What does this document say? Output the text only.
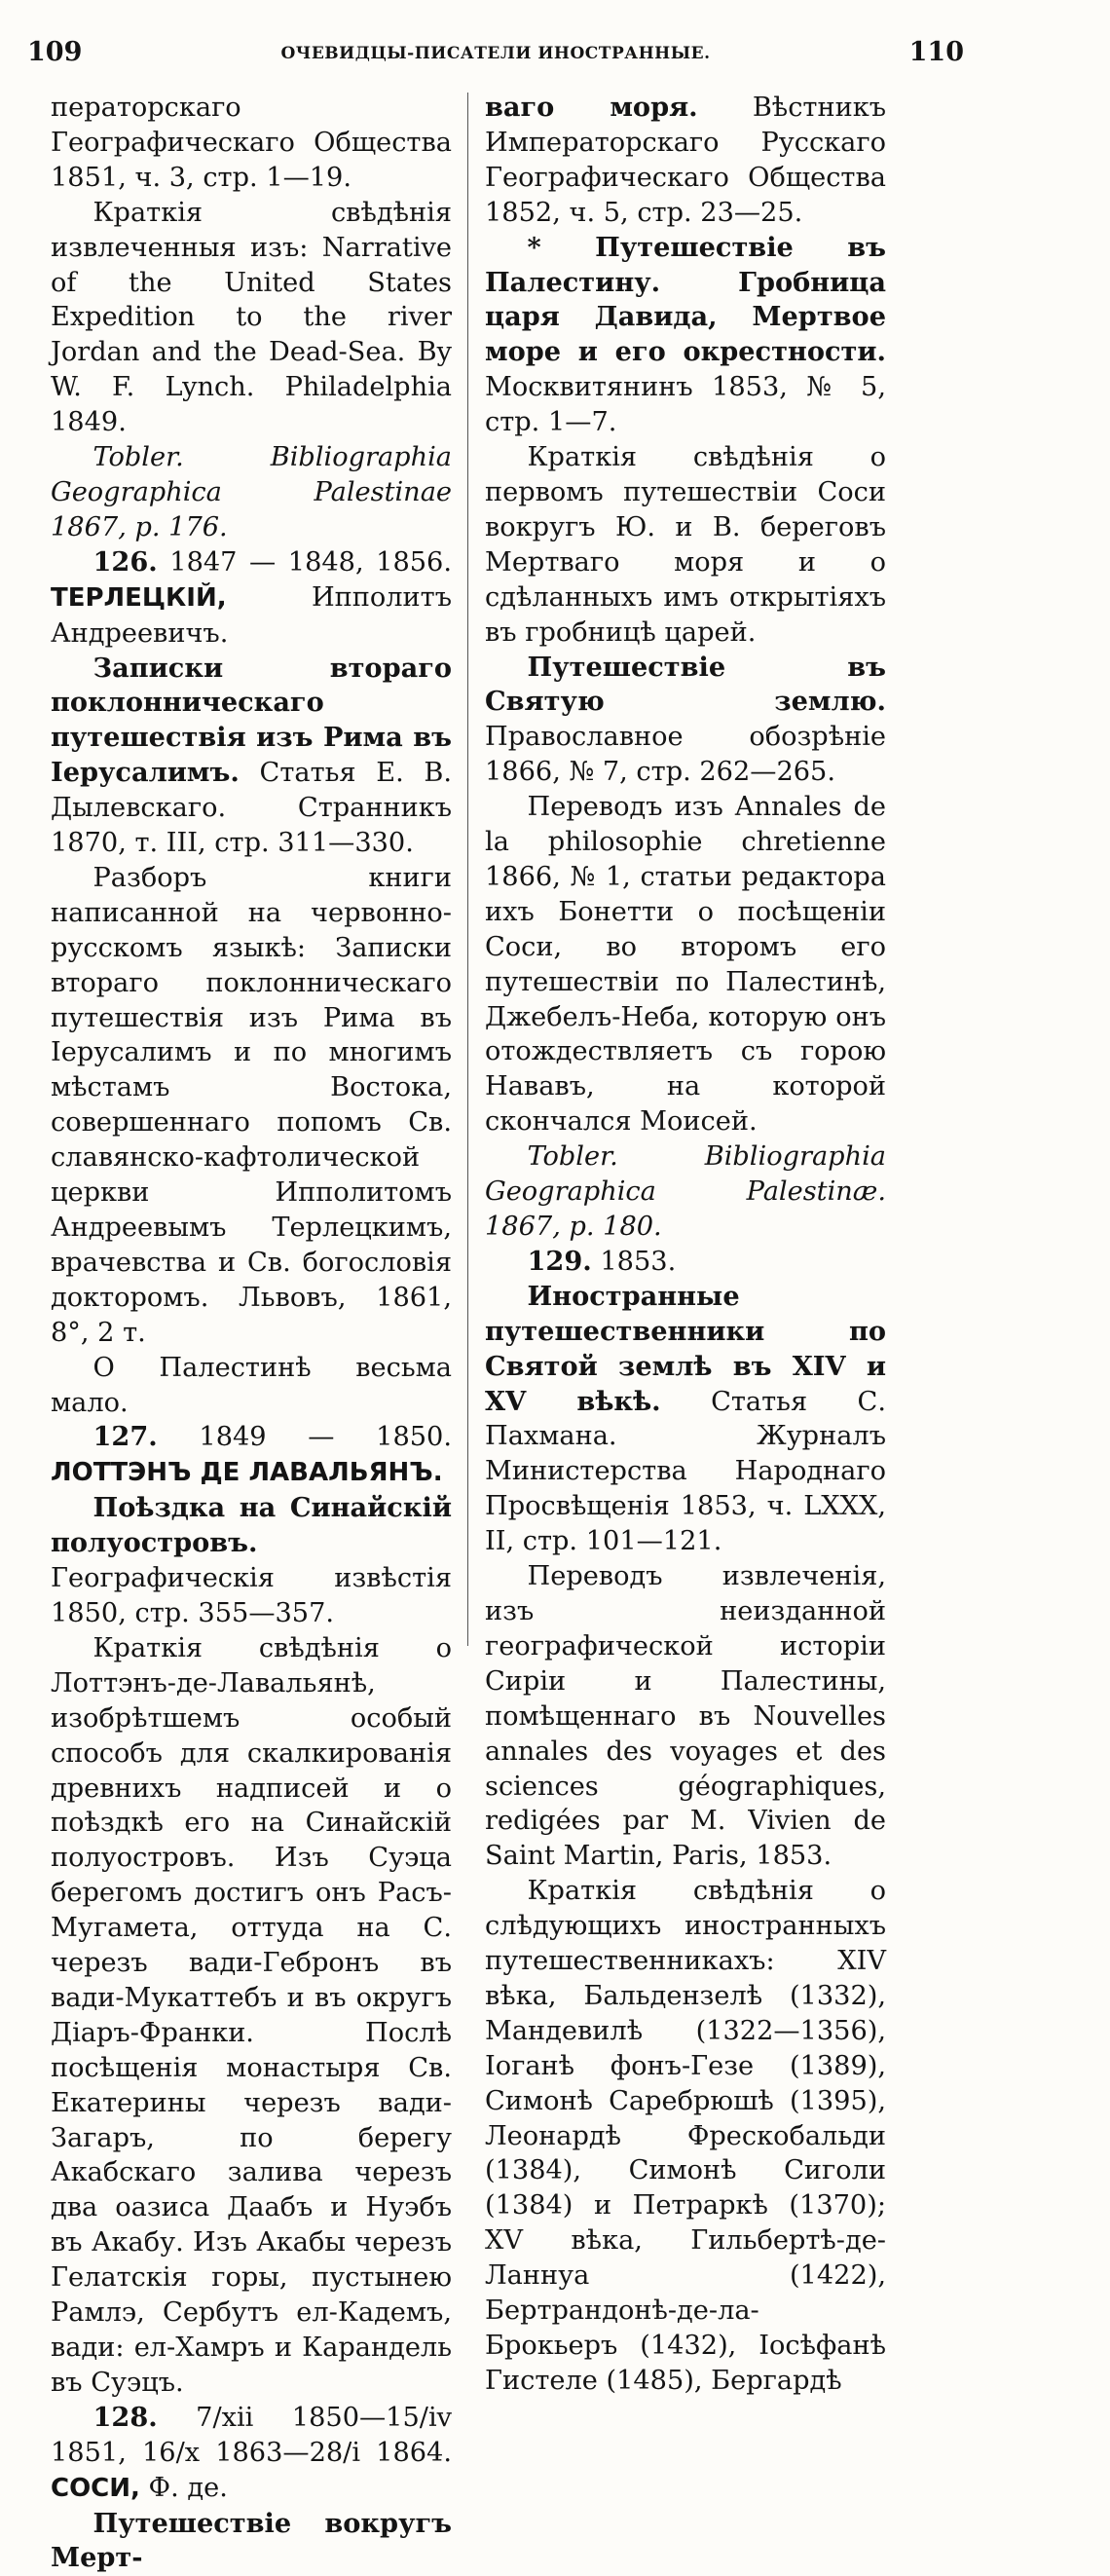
109	ОЧЕВИДЦЫ-ПИСАТЕЛИ ИНОСТРАННЫЕ.	110

ператорскаго Географическаго Общества 1851, ч. 3, стр. 1—19.

Краткія свѣдѣнія извлеченныя изъ: Narrative of the United States Expedition to the river Jordan and the Dead-Sea. By W. F. Lynch. Philadelphia 1849.

Tobler. Bibliographia Geographica Palestinae 1867, p. 176.

126. 1847 — 1848, 1856. ТЕРЛЕЦКІЙ, Ипполитъ Андреевичъ.

Записки втораго поклонническаго путешествія изъ Рима въ Іерусалимъ. Статья Е. В. Дылевскаго. Странникъ 1870, т. III, стр. 311—330.

Разборъ книги написанной на червонно-русскомъ языкѣ: Записки втораго поклонническаго путешествія изъ Рима въ Іерусалимъ и по многимъ мѣстамъ Востока, совершеннаго попомъ Св. славянско-кафтолической церкви Ипполитомъ Андреевымъ Терлецкимъ, врачевства и Св. богословія докторомъ. Львовъ, 1861, 8°, 2 т.

О Палестинѣ весьма мало.

127. 1849 — 1850. ЛОТТЭНЪ ДЕ ЛАВАЛЬЯНЪ.

Поѣздка на Синайскій полуостровъ. Географическія извѣстія 1850, стр. 355—357.

Краткія свѣдѣнія о Лоттэнъ-де-Лавальянѣ, изобрѣтшемъ особый способъ для скалкированія древнихъ надписей и о поѣздкѣ его на Синайскій полуостровъ. Изъ Суэца берегомъ достигъ онъ Расъ-Мугамета, оттуда на С. черезъ вади-Гебронъ въ вади-Мукаттебъ и въ округъ Діаръ-Франки. Послѣ посѣщенія монастыря Св. Екатерины черезъ вади-Загаръ, по берегу Акабскаго залива черезъ два оазиса Даабъ и Нуэбъ въ Акабу. Изъ Акабы черезъ Гелатскія горы, пустынею Рамлэ, Сербутъ ел-Кадемъ, вади: ел-Хамръ и Карандель въ Суэцъ.

128. 7/xii 1850—15/iv 1851, 16/x 1863—28/i 1864. СОСИ, Ф. де.

Путешествіе вокругъ Мерт-

ваго моря. Вѣстникъ Императорскаго Русскаго Географическаго Общества 1852, ч. 5, стр. 23—25.

* Путешествіе въ Палестину. Гробница царя Давида, Мертвое море и его окрестности. Москвитянинъ 1853, № 5, стр. 1—7.

Краткія свѣдѣнія о первомъ путешествіи Соси вокругъ Ю. и В. береговъ Мертваго моря и о сдѣланныхъ имъ открытіяхъ въ гробницѣ царей.

Путешествіе въ Святую землю. Православное обозрѣніе 1866, № 7, стр. 262—265.

Переводъ изъ Annales de la philosophie chretienne 1866, № 1, статьи редактора ихъ Бонетти о посѣщеніи Соси, во второмъ его путешествіи по Палестинѣ, Джебелъ-Неба, которую онъ отождествляетъ съ горою Нававъ, на которой скончался Моисей.

Tobler. Bibliographia Geographica Palestinæ. 1867, p. 180.

129. 1853.

Иностранные путешественники по Святой землѣ въ XIV и XV вѣкѣ. Статья С. Пахмана. Журналъ Министерства Народнаго Просвѣщенія 1853, ч. LXXX, II, стр. 101—121.

Переводъ извлеченія, изъ неизданной географической исторіи Сиріи и Палестины, помѣщеннаго въ Nouvelles annales des voyages et des sciences géographiques, redigées par M. Vivien de Saint Martin, Paris, 1853.

Краткія свѣдѣнія о слѣдующихъ иностранныхъ путешественникахъ: XIV вѣка, Бальдензелѣ (1332), Мандевилѣ (1322—1356), Іоганѣ фонъ-Гезе (1389), Симонѣ Саребрюшѣ (1395), Леонардѣ Фрескобальди (1384), Симонѣ Сиголи (1384) и Петраркѣ (1370); XV вѣка, Гильбертѣ-де-Ланнуа (1422), Бертрандонѣ-де-ла-Брокьеръ (1432), Іосѣфанѣ Гистеле (1485), Бергардѣ
